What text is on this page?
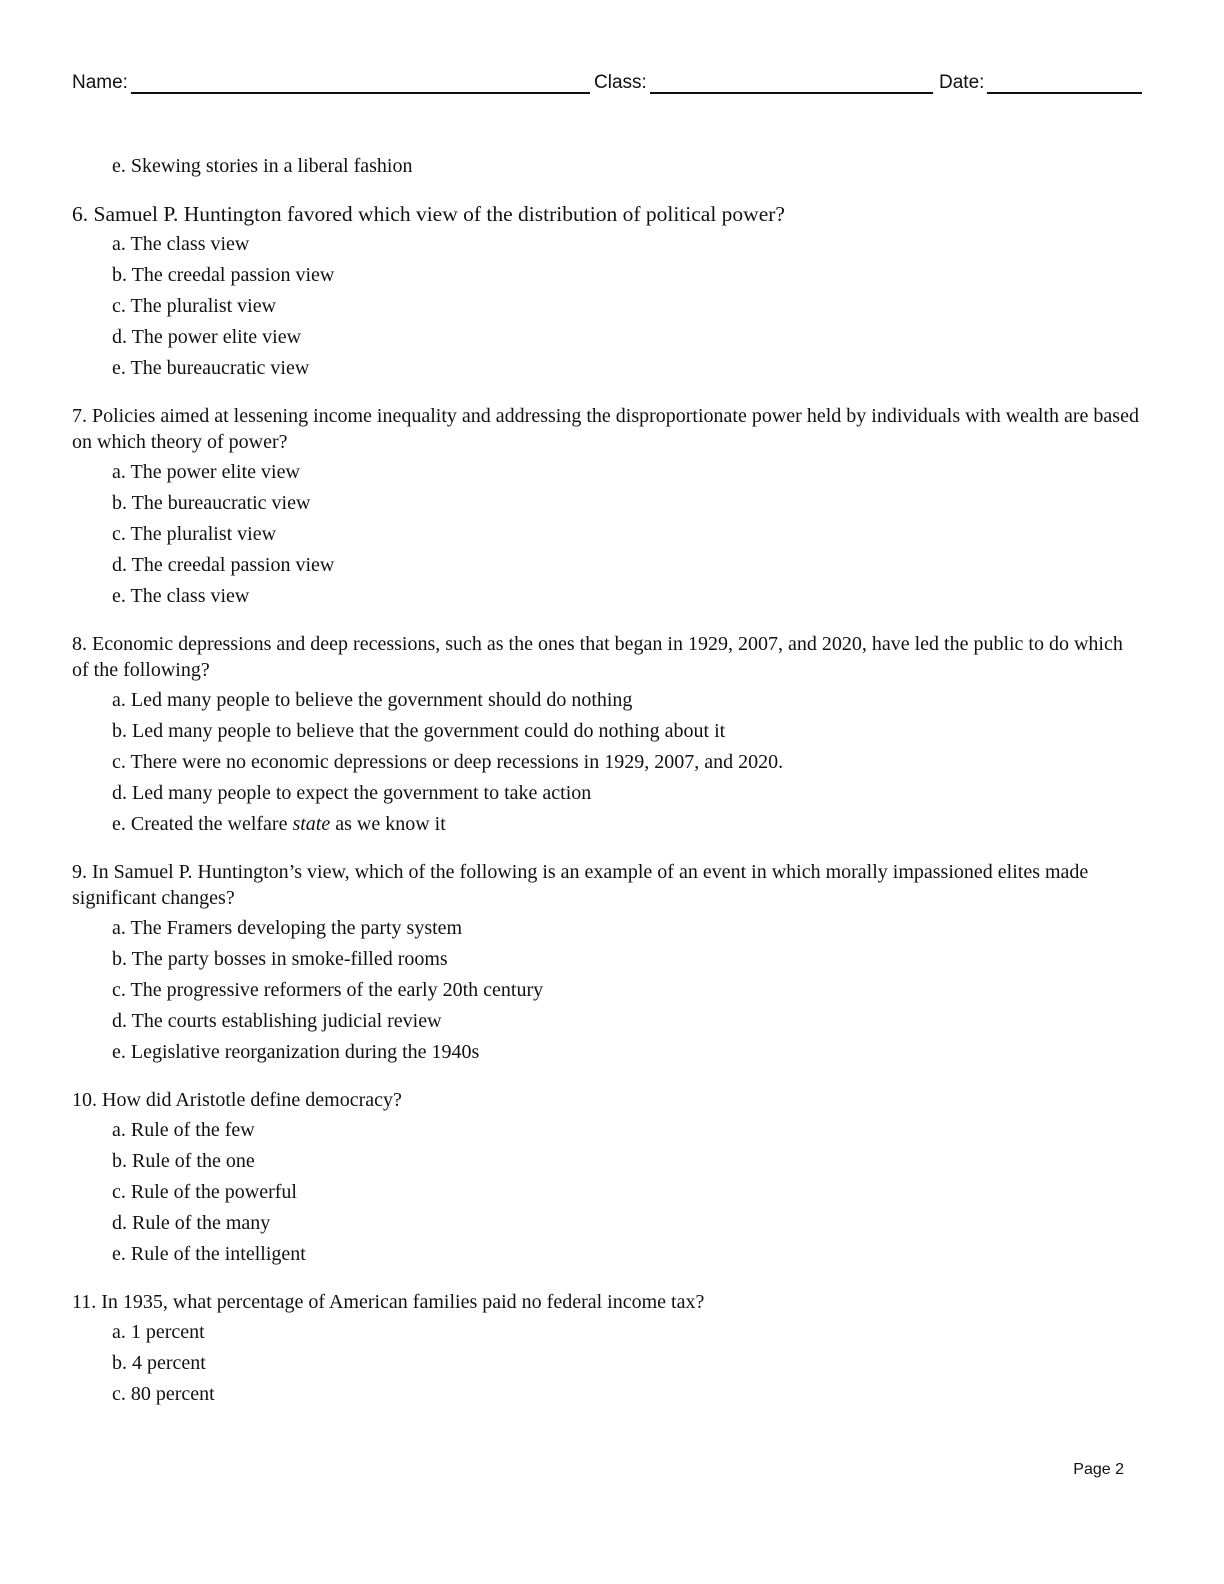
Name:	Class:	Date:
e. Skewing stories in a liberal fashion
6. Samuel P. Huntington favored which view of the distribution of political power?
a. The class view
b. The creedal passion view
c. The pluralist view
d. The power elite view
e. The bureaucratic view
7. Policies aimed at lessening income inequality and addressing the disproportionate power held by individuals with wealth are based on which theory of power?
a. The power elite view
b. The bureaucratic view
c. The pluralist view
d. The creedal passion view
e. The class view
8. Economic depressions and deep recessions, such as the ones that began in 1929, 2007, and 2020, have led the public to do which of the following?
a. Led many people to believe the government should do nothing
b. Led many people to believe that the government could do nothing about it
c. There were no economic depressions or deep recessions in 1929, 2007, and 2020.
d. Led many people to expect the government to take action
e. Created the welfare state as we know it
9. In Samuel P. Huntington’s view, which of the following is an example of an event in which morally impassioned elites made significant changes?
a. The Framers developing the party system
b. The party bosses in smoke-filled rooms
c. The progressive reformers of the early 20th century
d. The courts establishing judicial review
e. Legislative reorganization during the 1940s
10. How did Aristotle define democracy?
a. Rule of the few
b. Rule of the one
c. Rule of the powerful
d. Rule of the many
e. Rule of the intelligent
11. In 1935, what percentage of American families paid no federal income tax?
a. 1 percent
b. 4 percent
c. 80 percent
Page 2
